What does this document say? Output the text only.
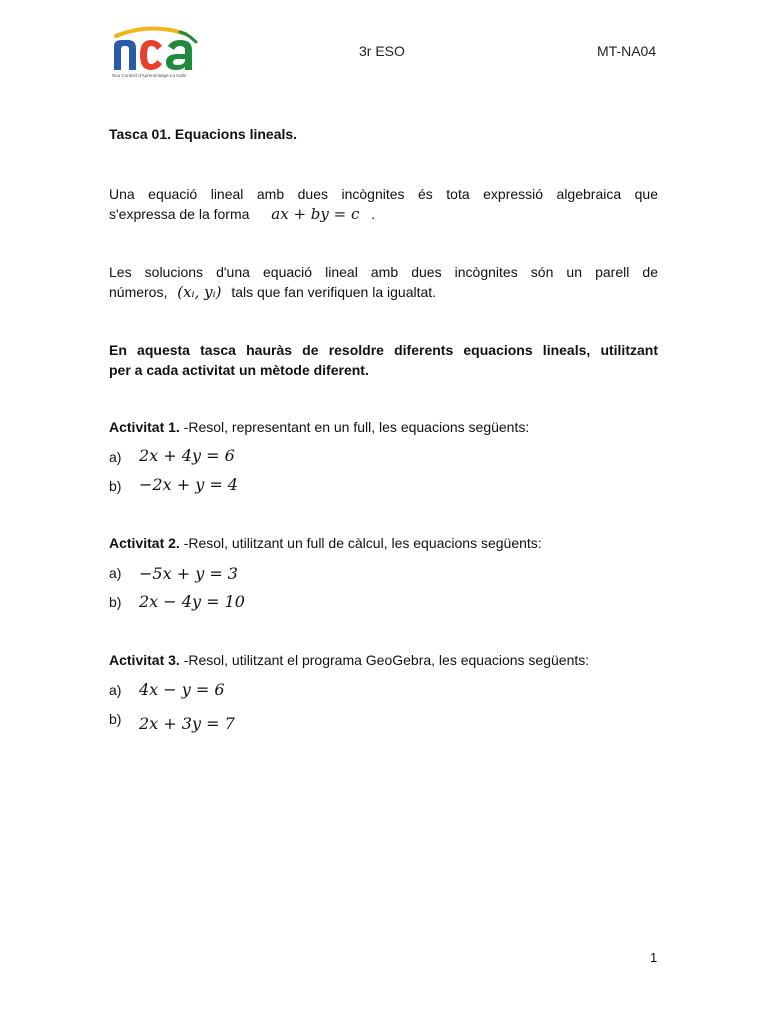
Nou Context d'Aprenentatge La Salle
3r ESO	MT-NA04
Tasca 01. Equacions lineals.
Una equació lineal amb dues incògnites és tota expressió algebraica que
s'expressa de la forma ax + by = c .
Les solucions d'una equació lineal amb dues incògnites són un parell de
números, (xᵢ, yᵢ) tals que fan verifiquen la igualtat.
En aquesta tasca hauràs de resoldre diferents equacions lineals, utilitzant
per a cada activitat un mètode diferent.
Activitat 1. -Resol, representant en un full, les equacions següents:
a) 2x + 4y = 6
b) −2x + y = 4
Activitat 2. -Resol, utilitzant un full de càlcul, les equacions següents:
a) −5x + y = 3
b) 2x − 4y = 10
Activitat 3. -Resol, utilitzant el programa GeoGebra, les equacions següents:
a) 4x − y = 6
b) 2x + 3y = 7
1
